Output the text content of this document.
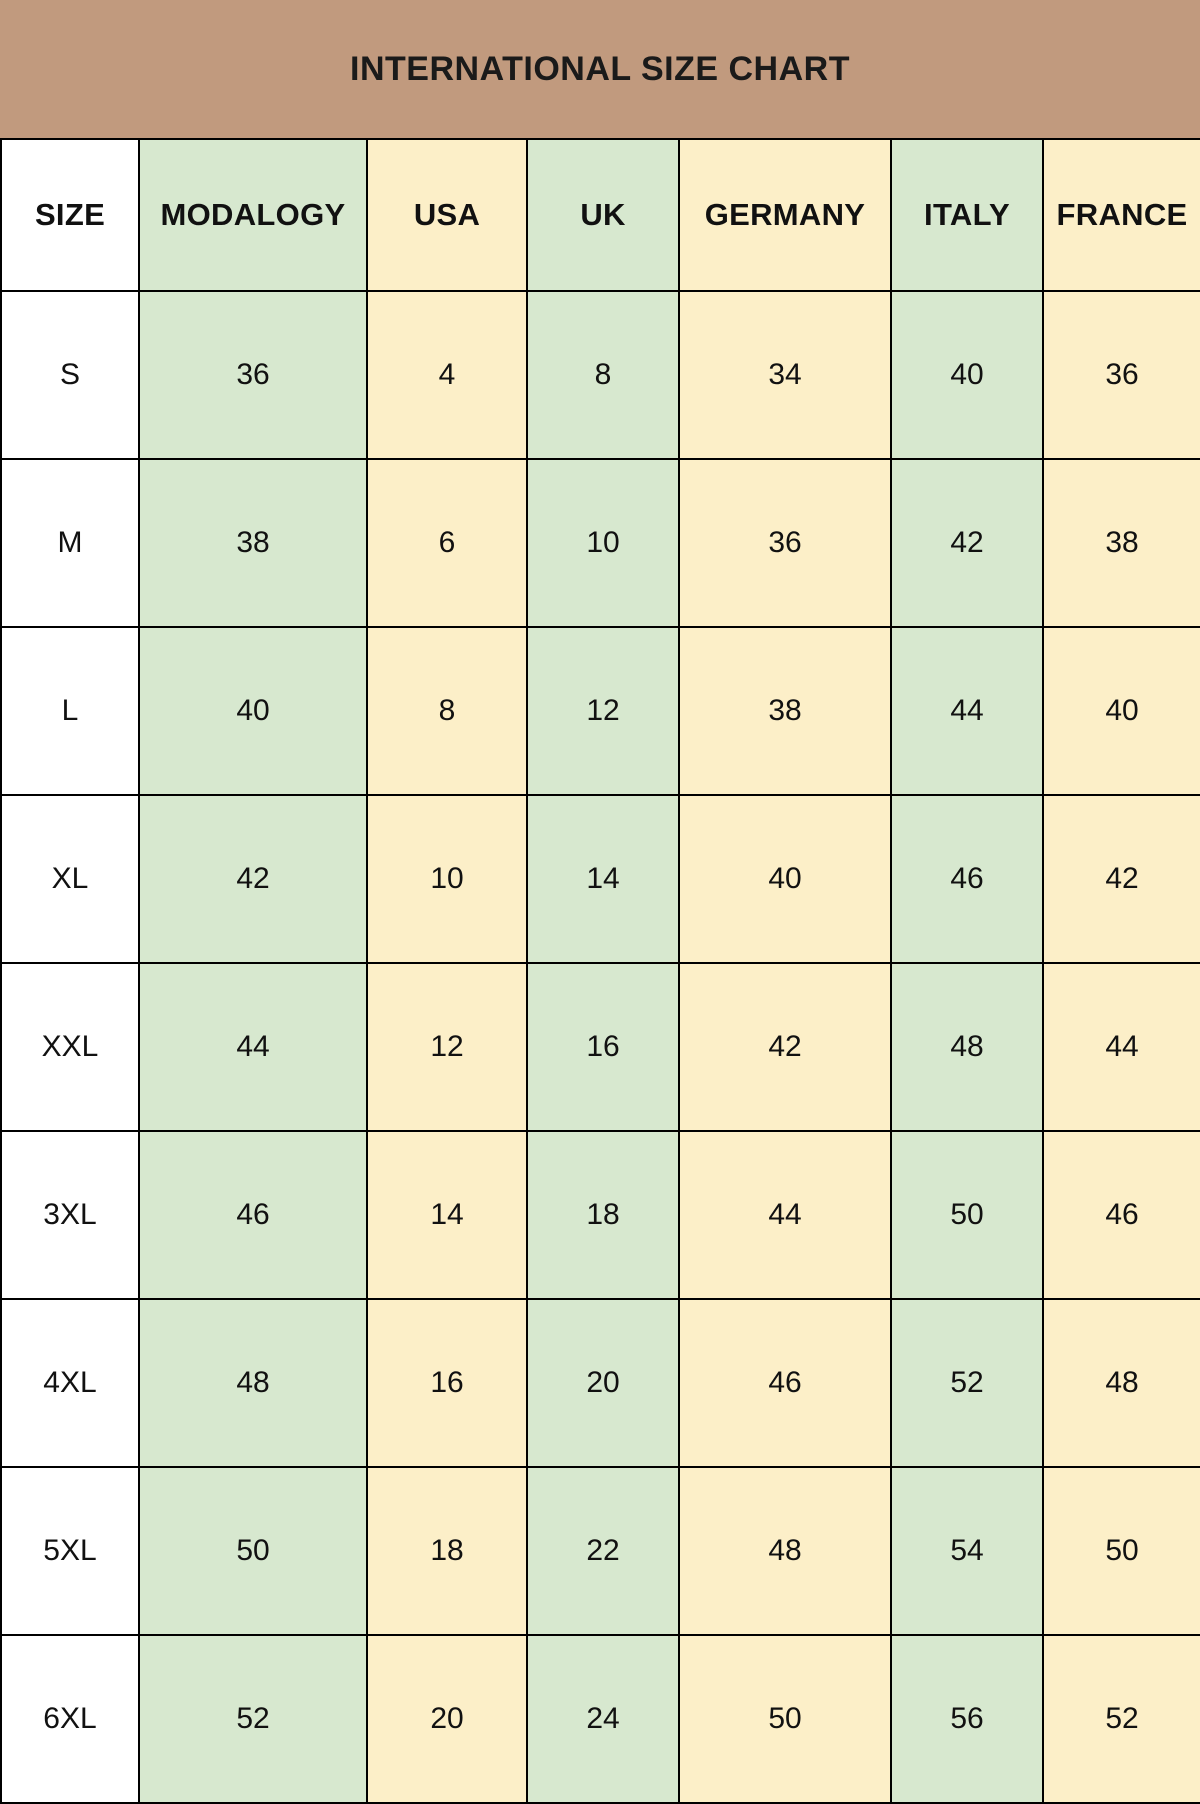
INTERNATIONAL SIZE CHART
SIZE	MODALOGY	USA	UK	GERMANY	ITALY	FRANCE
S	36	4	8	34	40	36
M	38	6	10	36	42	38
L	40	8	12	38	44	40
XL	42	10	14	40	46	42
XXL	44	12	16	42	48	44
3XL	46	14	18	44	50	46
4XL	48	16	20	46	52	48
5XL	50	18	22	48	54	50
6XL	52	20	24	50	56	52
